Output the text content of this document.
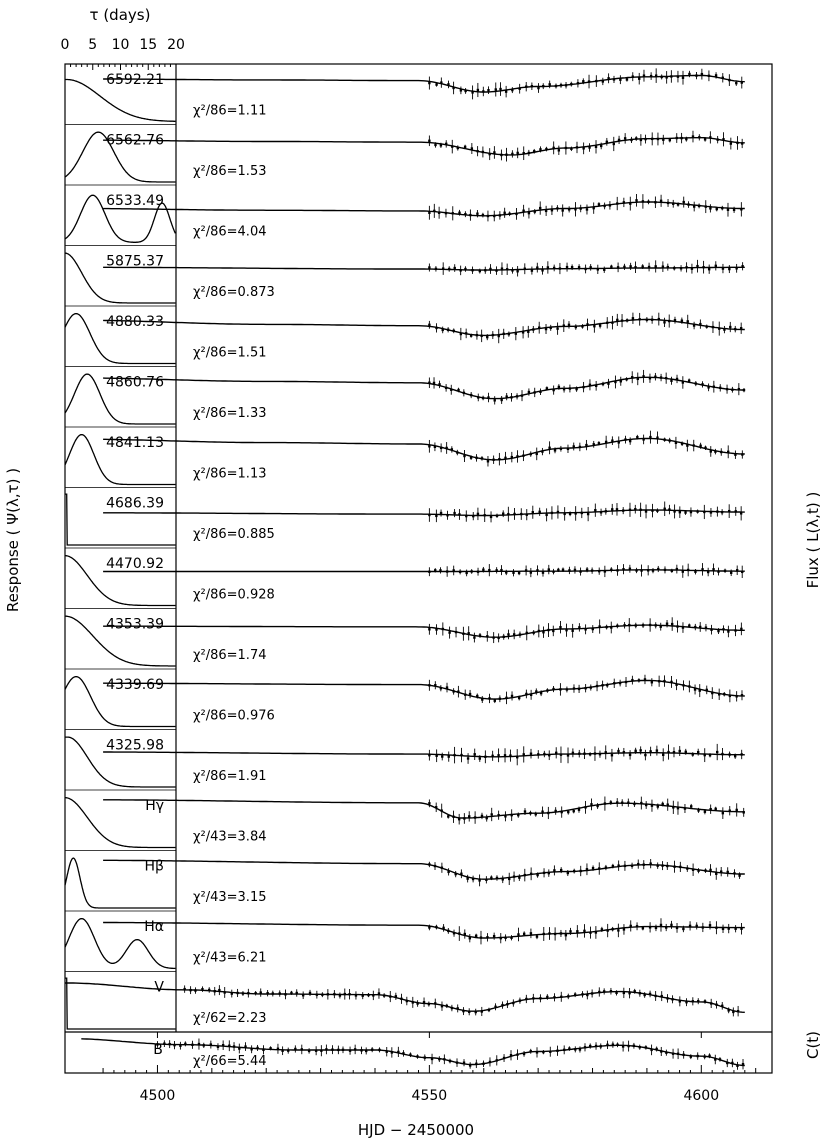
τ (days)
Response ( Ψ(λ,τ) )	Flux ( L(λ,t) )
C(t)
HJD − 2450000
0 5 10 15 20
4500	4550	4600
6592.21
χ²/86=1.11
6562.76
χ²/86=1.53
6533.49
χ²/86=4.04
5875.37
χ²/86=0.873
4880.33
χ²/86=1.51
4860.76
χ²/86=1.33
4841.13
χ²/86=1.13
4686.39
χ²/86=0.885
4470.92
χ²/86=0.928
4353.39
χ²/86=1.74
4339.69
χ²/86=0.976
4325.98
χ²/86=1.91
Hγ
χ²/43=3.84
Hβ
χ²/43=3.15
Hα
χ²/43=6.21
V
χ²/62=2.23
B
χ²/66=5.44
